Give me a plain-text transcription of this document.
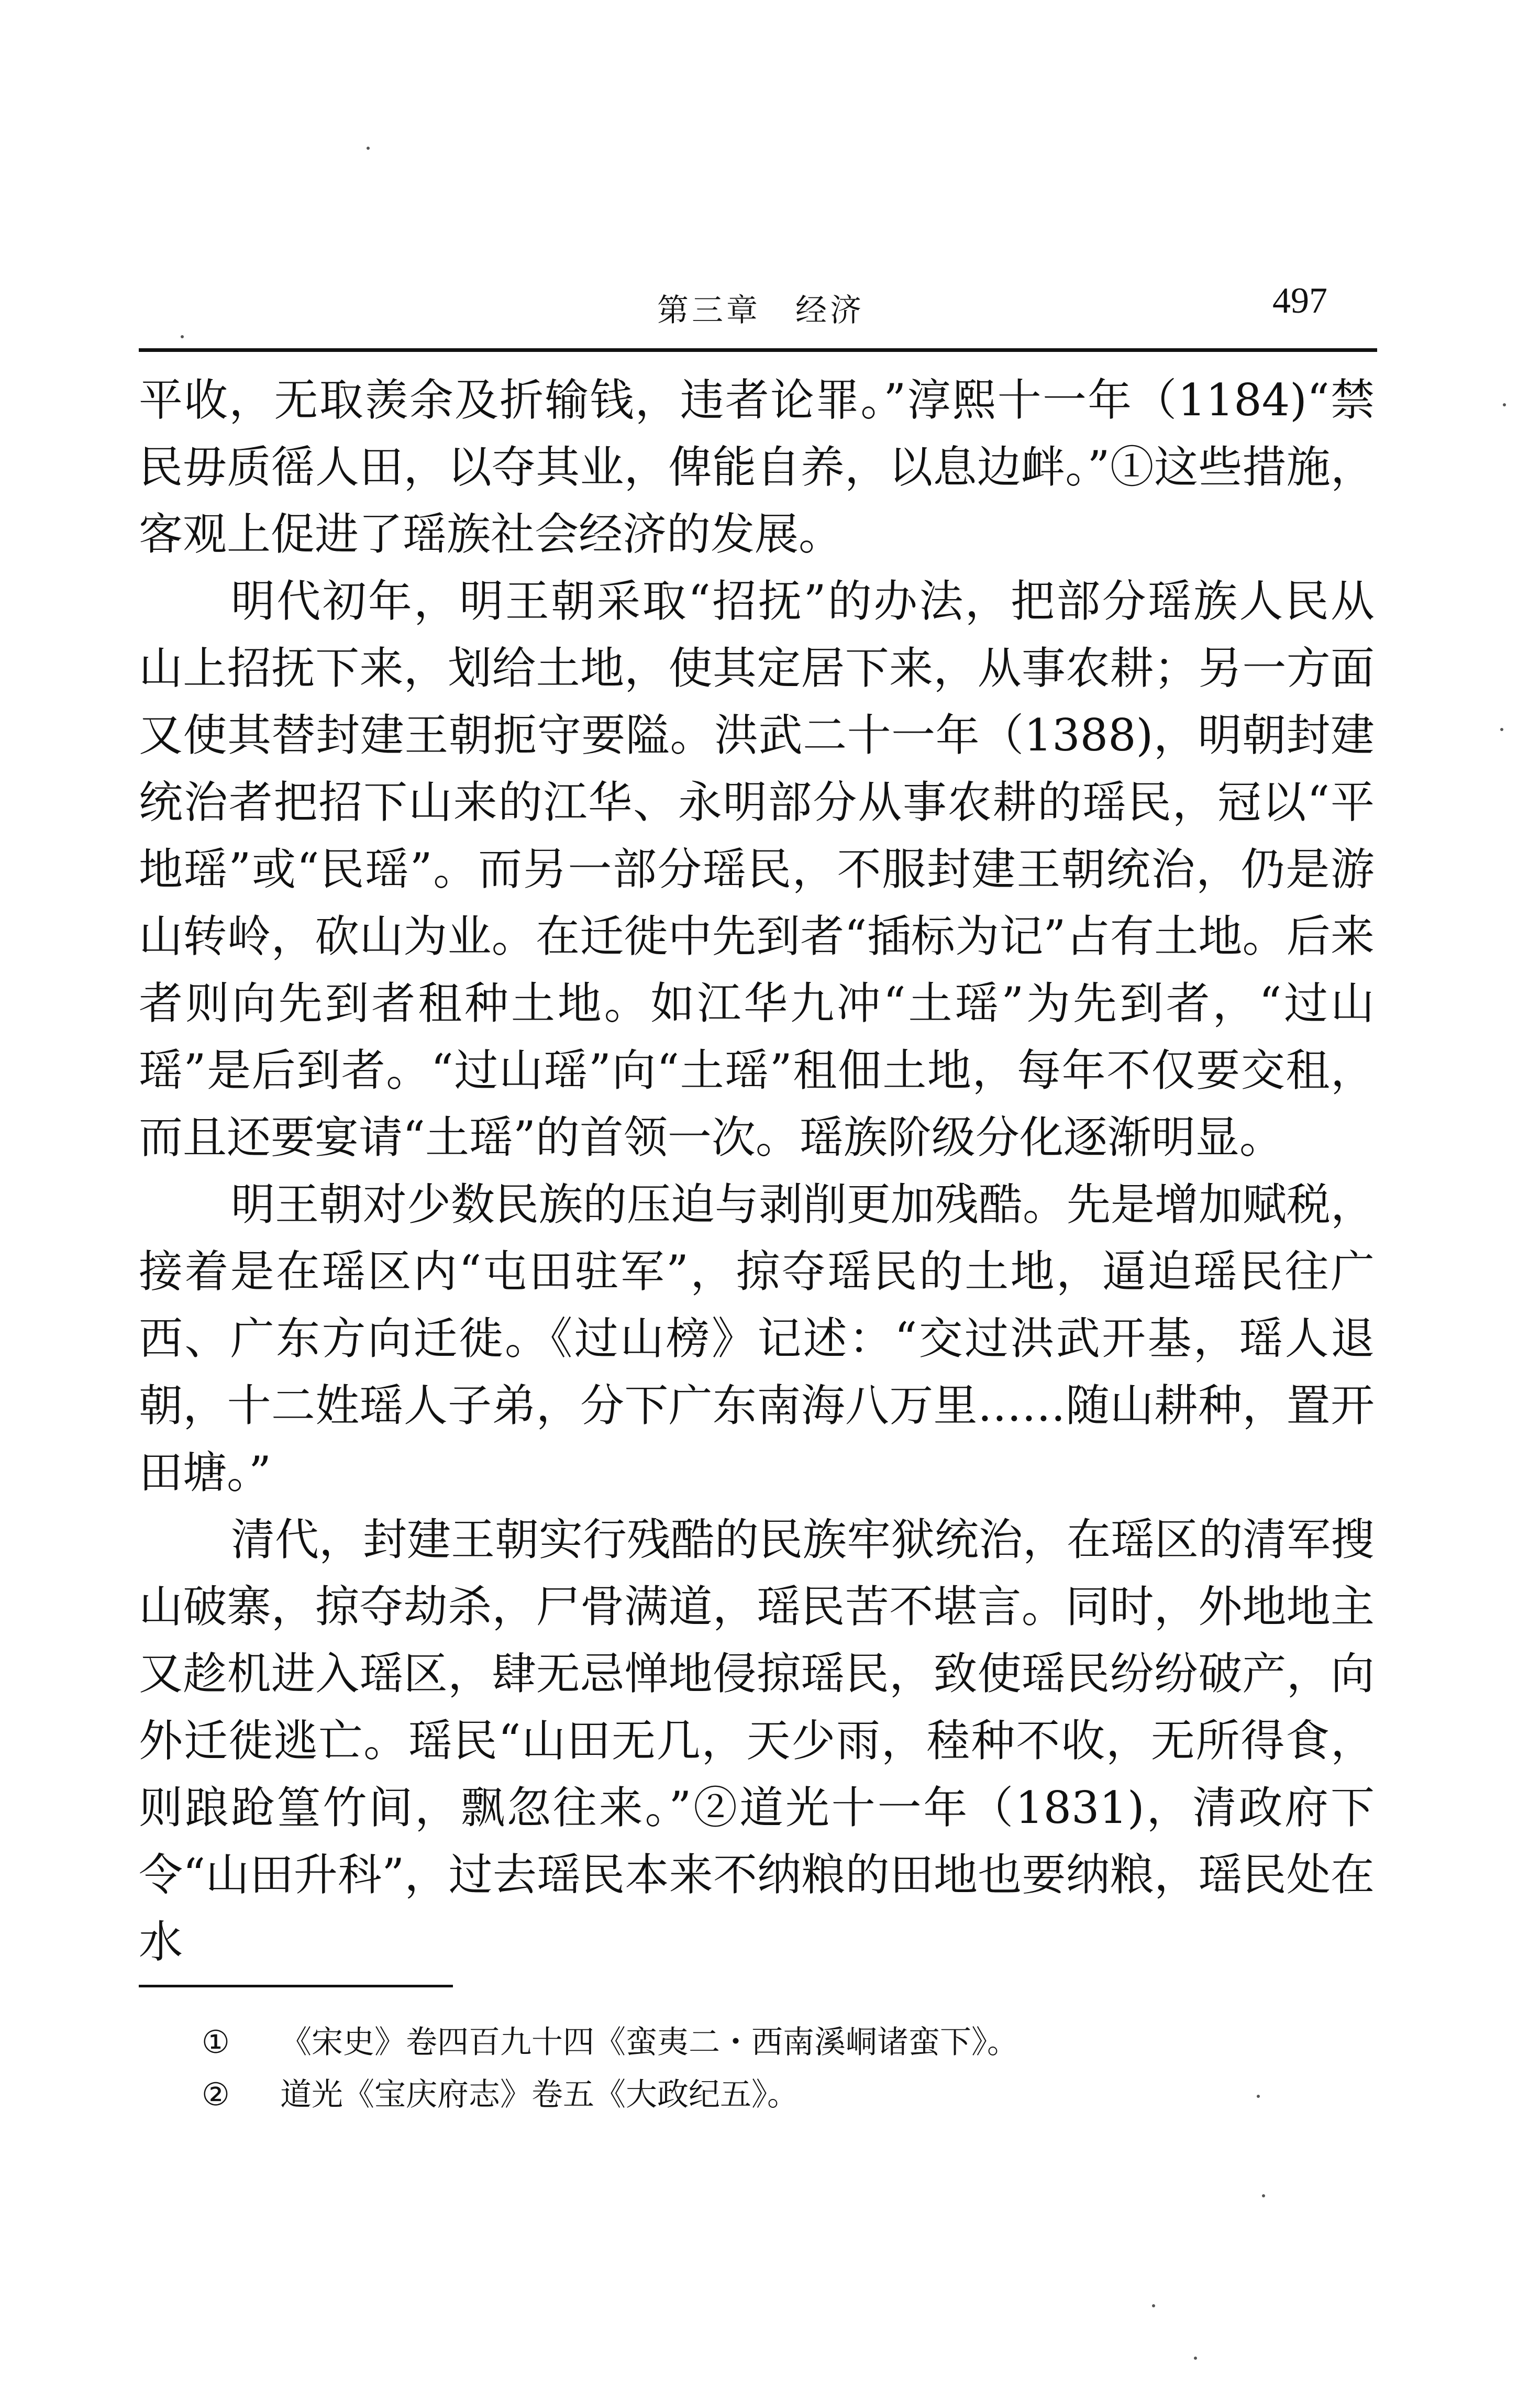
第三章　经济	497

平收，无取羡余及折输钱，违者论罪。”淳熙十一年（1184)“禁民毋质徭人田，以夺其业，俾能自养，以息边衅。”①这些措施，客观上促进了瑶族社会经济的发展。

明代初年，明王朝采取“招抚”的办法，把部分瑶族人民从山上招抚下来，划给土地，使其定居下来，从事农耕；另一方面又使其替封建王朝扼守要隘。洪武二十一年（1388)，明朝封建统治者把招下山来的江华、永明部分从事农耕的瑶民，冠以“平地瑶”或“民瑶”。而另一部分瑶民，不服封建王朝统治，仍是游山转岭，砍山为业。在迁徙中先到者“插标为记”占有土地。后来者则向先到者租种土地。如江华九冲“土瑶”为先到者，“过山瑶”是后到者。“过山瑶”向“土瑶”租佃土地，每年不仅要交租，而且还要宴请“土瑶”的首领一次。瑶族阶级分化逐渐明显。

明王朝对少数民族的压迫与剥削更加残酷。先是增加赋税，接着是在瑶区内“屯田驻军”，掠夺瑶民的土地，逼迫瑶民往广西、广东方向迁徙。《过山榜》记述：“交过洪武开基，瑶人退朝，十二姓瑶人子弟，分下广东南海八万里……随山耕种，置开田塘。”

清代，封建王朝实行残酷的民族牢狱统治，在瑶区的清军搜山破寨，掠夺劫杀，尸骨满道，瑶民苦不堪言。同时，外地地主又趁机进入瑶区，肆无忌惮地侵掠瑶民，致使瑶民纷纷破产，向外迁徙逃亡。瑶民“山田无几，天少雨，稑种不收，无所得食，则踉跄篁竹间，飘忽往来。”②道光十一年（1831)，清政府下令“山田升科”，过去瑶民本来不纳粮的田地也要纳粮，瑶民处在水

①	《宋史》卷四百九十四《蛮夷二・西南溪峒诸蛮下》。
②	道光《宝庆府志》卷五《大政纪五》。
